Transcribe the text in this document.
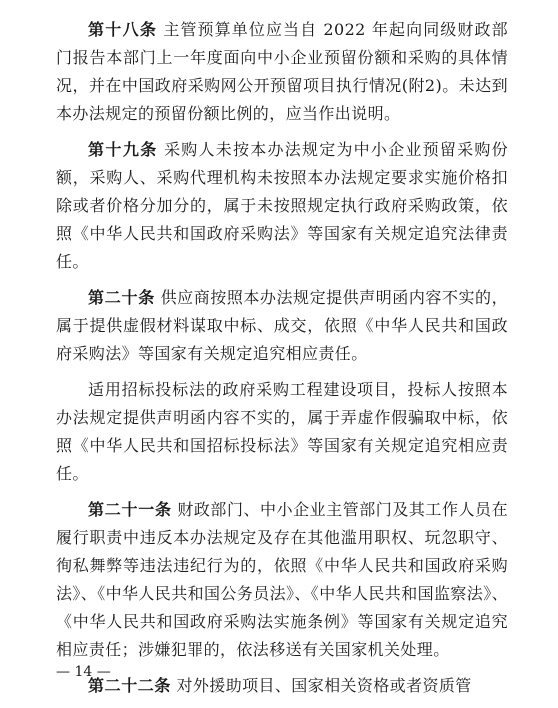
第十八条 主管预算单位应当自 2022 年起向同级财政部门报告本部门上一年度面向中小企业预留份额和采购的具体情况，并在中国政府采购网公开预留项目执行情况(附2)。未达到本办法规定的预留份额比例的，应当作出说明。

第十九条 采购人未按本办法规定为中小企业预留采购份额，采购人、采购代理机构未按照本办法规定要求实施价格扣除或者价格分加分的，属于未按照规定执行政府采购政策，依照《中华人民共和国政府采购法》等国家有关规定追究法律责任。

第二十条 供应商按照本办法规定提供声明函内容不实的，属于提供虚假材料谋取中标、成交，依照《中华人民共和国政府采购法》等国家有关规定追究相应责任。

适用招标投标法的政府采购工程建设项目，投标人按照本办法规定提供声明函内容不实的，属于弄虚作假骗取中标，依照《中华人民共和国招标投标法》等国家有关规定追究相应责任。

第二十一条 财政部门、中小企业主管部门及其工作人员在履行职责中违反本办法规定及存在其他滥用职权、玩忽职守、徇私舞弊等违法违纪行为的，依照《中华人民共和国政府采购法》、《中华人民共和国公务员法》、《中华人民共和国监察法》、《中华人民共和国政府采购法实施条例》等国家有关规定追究相应责任；涉嫌犯罪的，依法移送有关国家机关处理。

第二十二条 对外援助项目、国家相关资格或者资质管

— 14 —
